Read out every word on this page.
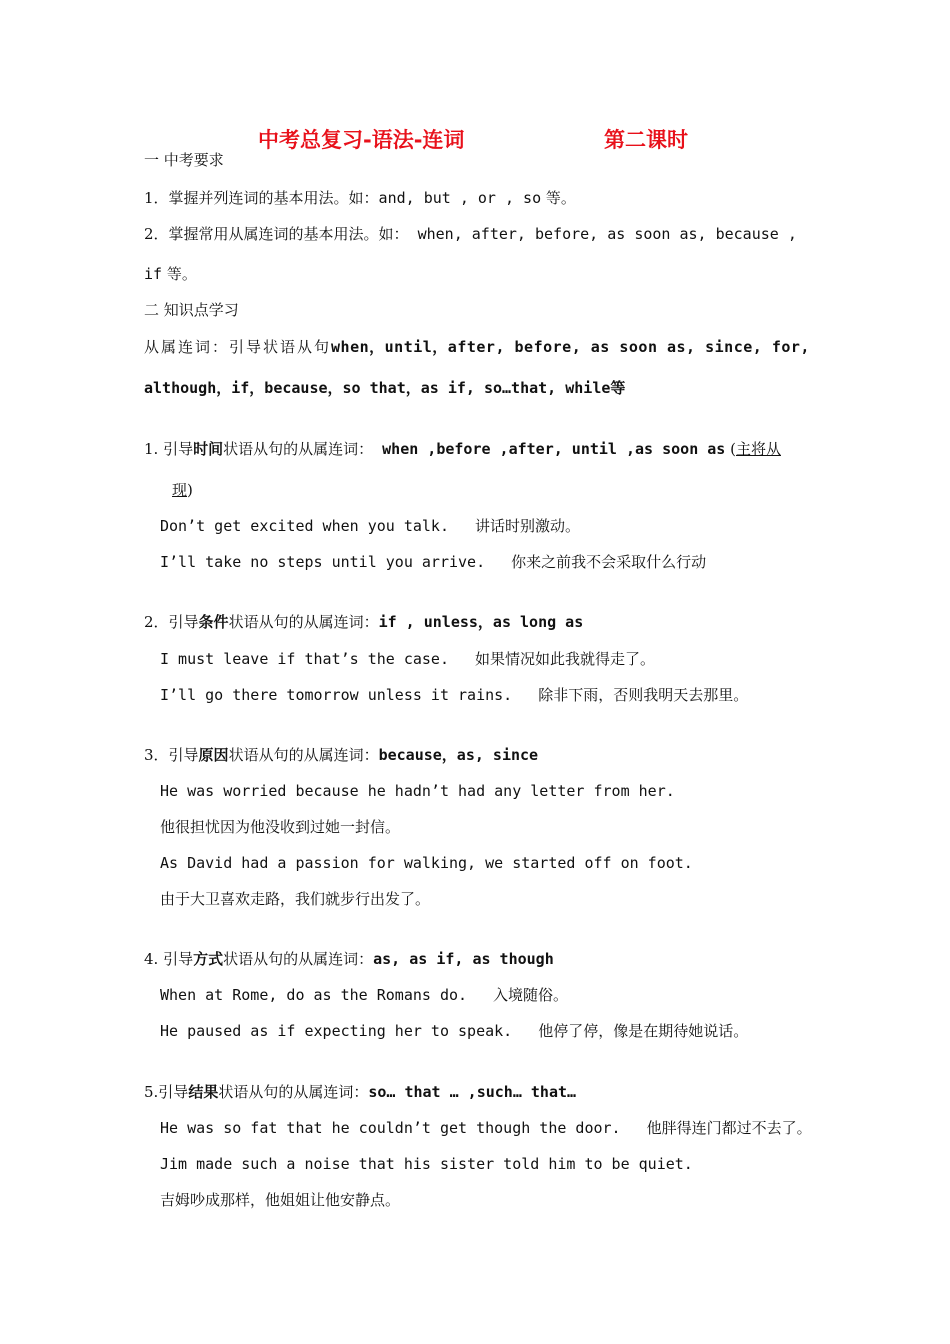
中考总复习-语法-连词	第二课时
一 中考要求
1．掌握并列连词的基本用法。如：and, but , or , so 等。
2．掌握常用从属连词的基本用法。如： when, after, before, as soon as, because ,
if 等。
二 知识点学习
从属连词：引导状语从句when，until，after, before, as soon as, since, for,
although，if，because，so that，as if, so…that, while等
1. 引导时间状语从句的从属连词： when ,before ,after, until ,as soon as (主将从
现)
Don’t get excited when you talk. 讲话时别激动。
I’ll take no steps until you arrive. 你来之前我不会采取什么行动
2．引导条件状语从句的从属连词：if , unless，as long as
I must leave if that’s the case. 如果情况如此我就得走了。
I’ll go there tomorrow unless it rains. 除非下雨，否则我明天去那里。
3．引导原因状语从句的从属连词：because，as, since
He was worried because he hadn’t had any letter from her.
他很担忧因为他没收到过她一封信。
As David had a passion for walking, we started off on foot.
由于大卫喜欢走路，我们就步行出发了。
4. 引导方式状语从句的从属连词：as, as if, as though
When at Rome, do as the Romans do. 入境随俗。
He paused as if expecting her to speak. 他停了停，像是在期待她说话。
5.引导结果状语从句的从属连词：so… that … ,such… that…
He was so fat that he couldn’t get though the door. 他胖得连门都过不去了。
Jim made such a noise that his sister told him to be quiet.
吉姆吵成那样，他姐姐让他安静点。
